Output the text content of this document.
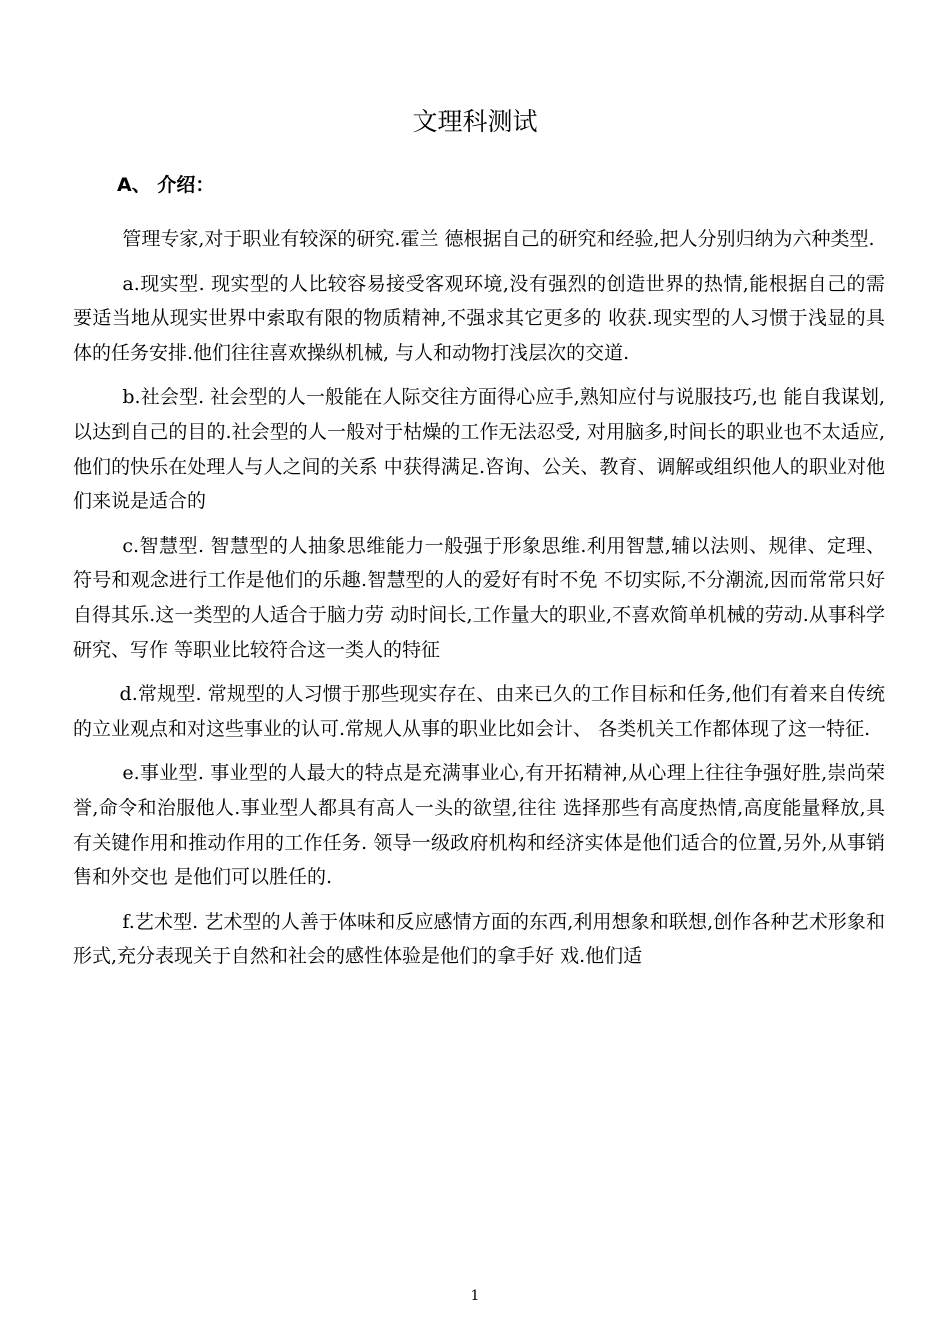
文理科测试
A、 介绍：

管理专家,对于职业有较深的研究.霍兰 德根据自己的研究和经验,把人分别归纳为六种类型.

a.现实型. 现实型的人比较容易接受客观环境,没有强烈的创造世界的热情,能根据自己的需要适当地从现实世界中索取有限的物质精神,不强求其它更多的 收获.现实型的人习惯于浅显的具体的任务安排.他们往往喜欢操纵机械, 与人和动物打浅层次的交道.

b.社会型. 社会型的人一般能在人际交往方面得心应手,熟知应付与说服技巧,也 能自我谋划,以达到自己的目的.社会型的人一般对于枯燥的工作无法忍受, 对用脑多,时间长的职业也不太适应,他们的快乐在处理人与人之间的关系 中获得满足.咨询、公关、教育、调解或组织他人的职业对他们来说是适合的

c.智慧型. 智慧型的人抽象思维能力一般强于形象思维.利用智慧,辅以法则、规律、定理、符号和观念进行工作是他们的乐趣.智慧型的人的爱好有时不免 不切实际,不分潮流,因而常常只好自得其乐.这一类型的人适合于脑力劳 动时间长,工作量大的职业,不喜欢简单机械的劳动.从事科学研究、写作 等职业比较符合这一类人的特征

d.常规型. 常规型的人习惯于那些现实存在、由来已久的工作目标和任务,他们有着来自传统的立业观点和对这些事业的认可.常规人从事的职业比如会计、 各类机关工作都体现了这一特征.

e.事业型. 事业型的人最大的特点是充满事业心,有开拓精神,从心理上往往争强好胜,崇尚荣誉,命令和治服他人.事业型人都具有高人一头的欲望,往往 选择那些有高度热情,高度能量释放,具有关键作用和推动作用的工作任务. 领导一级政府机构和经济实体是他们适合的位置,另外,从事销售和外交也 是他们可以胜任的.

f.艺术型. 艺术型的人善于体味和反应感情方面的东西,利用想象和联想,创作各种艺术形象和形式,充分表现关于自然和社会的感性体验是他们的拿手好 戏.他们适

1
